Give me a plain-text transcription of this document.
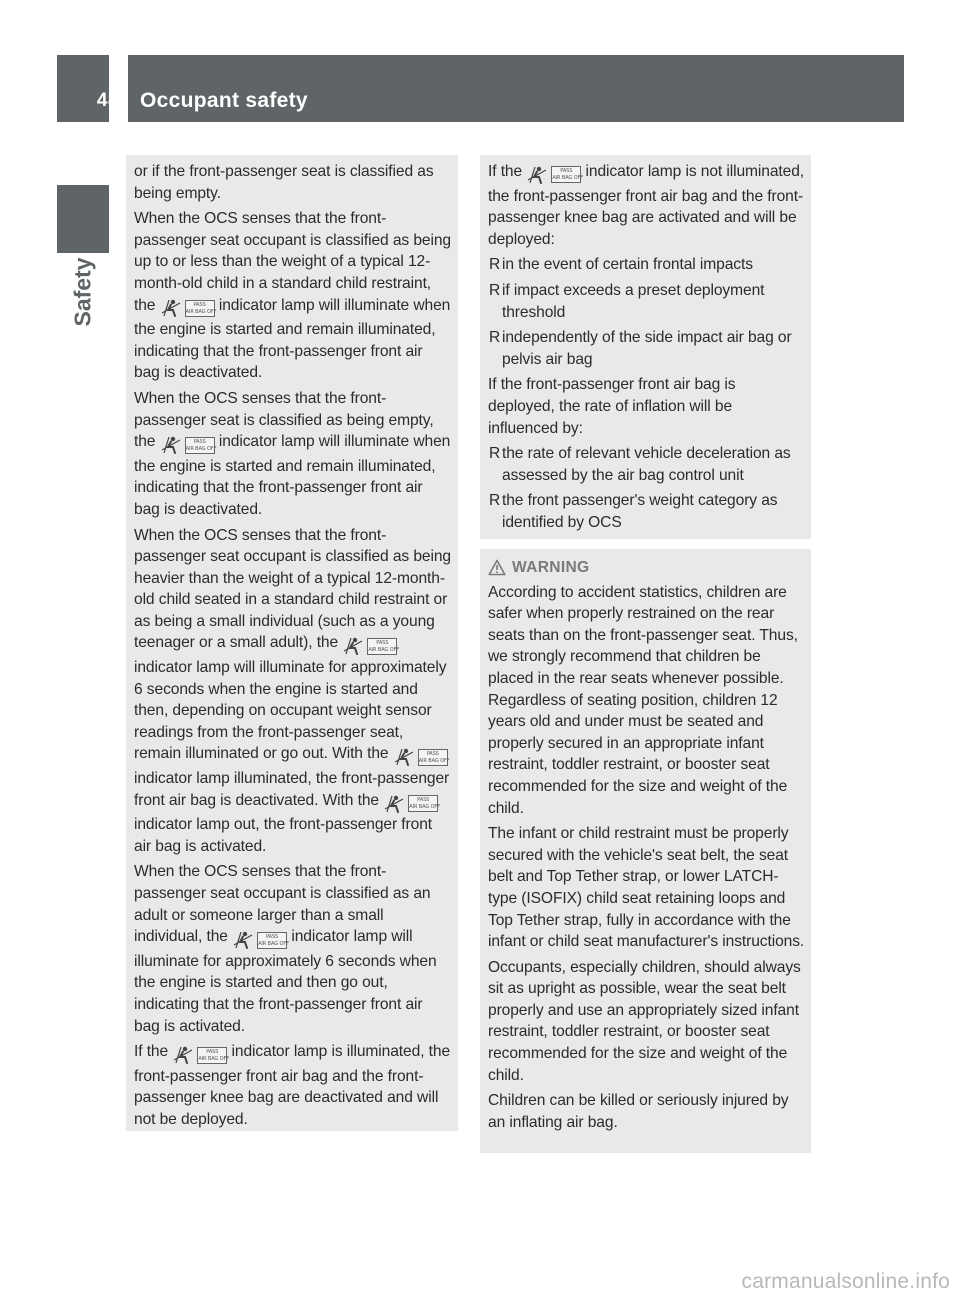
48 Occupant safety
Safety

or if the front-passenger seat is classified as being empty.

When the OCS senses that the front-passenger seat occupant is classified as being up to or less than the weight of a typical 12-month-old child in a standard child restraint, the	PASS
AIR BAG OFF indicator lamp will illuminate when the engine is started and remain illuminated, indicating that the front-passenger front air bag is deactivated.

When the OCS senses that the front-passenger seat is classified as being empty, the	PASS
AIR BAG OFF indicator lamp will illuminate when the engine is started and remain illuminated, indicating that the front-passenger front air bag is deactivated.

When the OCS senses that the front-passenger seat occupant is classified as being heavier than the weight of a typical 12-month-old child seated in a standard child restraint or as being a small individual (such as a young teenager or a small adult), the	PASS
AIR BAG OFF
indicator lamp will illuminate for approximately 6 seconds when the engine is started and then, depending on occupant weight sensor readings from the front-passenger seat, remain illuminated or go out. With the	PASS
AIR BAG OFF
indicator lamp illuminated, the front-passenger front air bag is deactivated. With the	PASS
AIR BAG OFF
indicator lamp out, the front-passenger front air bag is activated.

When the OCS senses that the front-passenger seat occupant is classified as an adult or someone larger than a small individual, the	PASS
AIR BAG OFF indicator lamp will illuminate for approximately 6 seconds when the engine is started and then go out, indicating that the front-passenger front air bag is activated.

If the	PASS
AIR BAG OFF indicator lamp is illuminated, the front-passenger front air bag and the front-passenger knee bag are deactivated and will not be deployed.

If the	PASS
AIR BAG OFF indicator lamp is not illuminated, the front-passenger front air bag and the front-passenger knee bag are activated and will be deployed:

R in the event of certain frontal impacts
R if impact exceeds a preset deployment threshold
R independently of the side impact air bag or pelvis air bag

If the front-passenger front air bag is deployed, the rate of inflation will be influenced by:

R the rate of relevant vehicle deceleration as assessed by the air bag control unit
R the front passenger's weight category as identified by OCS
WARNING

According to accident statistics, children are safer when properly restrained on the rear seats than on the front-passenger seat. Thus, we strongly recommend that children be placed in the rear seats whenever possible. Regardless of seating position, children 12 years old and under must be seated and properly secured in an appropriate infant restraint, toddler restraint, or booster seat recommended for the size and weight of the child.

The infant or child restraint must be properly secured with the vehicle's seat belt, the seat belt and Top Tether strap, or lower LATCH-type (ISOFIX) child seat retaining loops and Top Tether strap, fully in accordance with the infant or child seat manufacturer's instructions.

Occupants, especially children, should always sit as upright as possible, wear the seat belt properly and use an appropriately sized infant restraint, toddler restraint, or booster seat recommended for the size and weight of the child.

Children can be killed or seriously injured by an inflating air bag.

carmanualsonline.info
